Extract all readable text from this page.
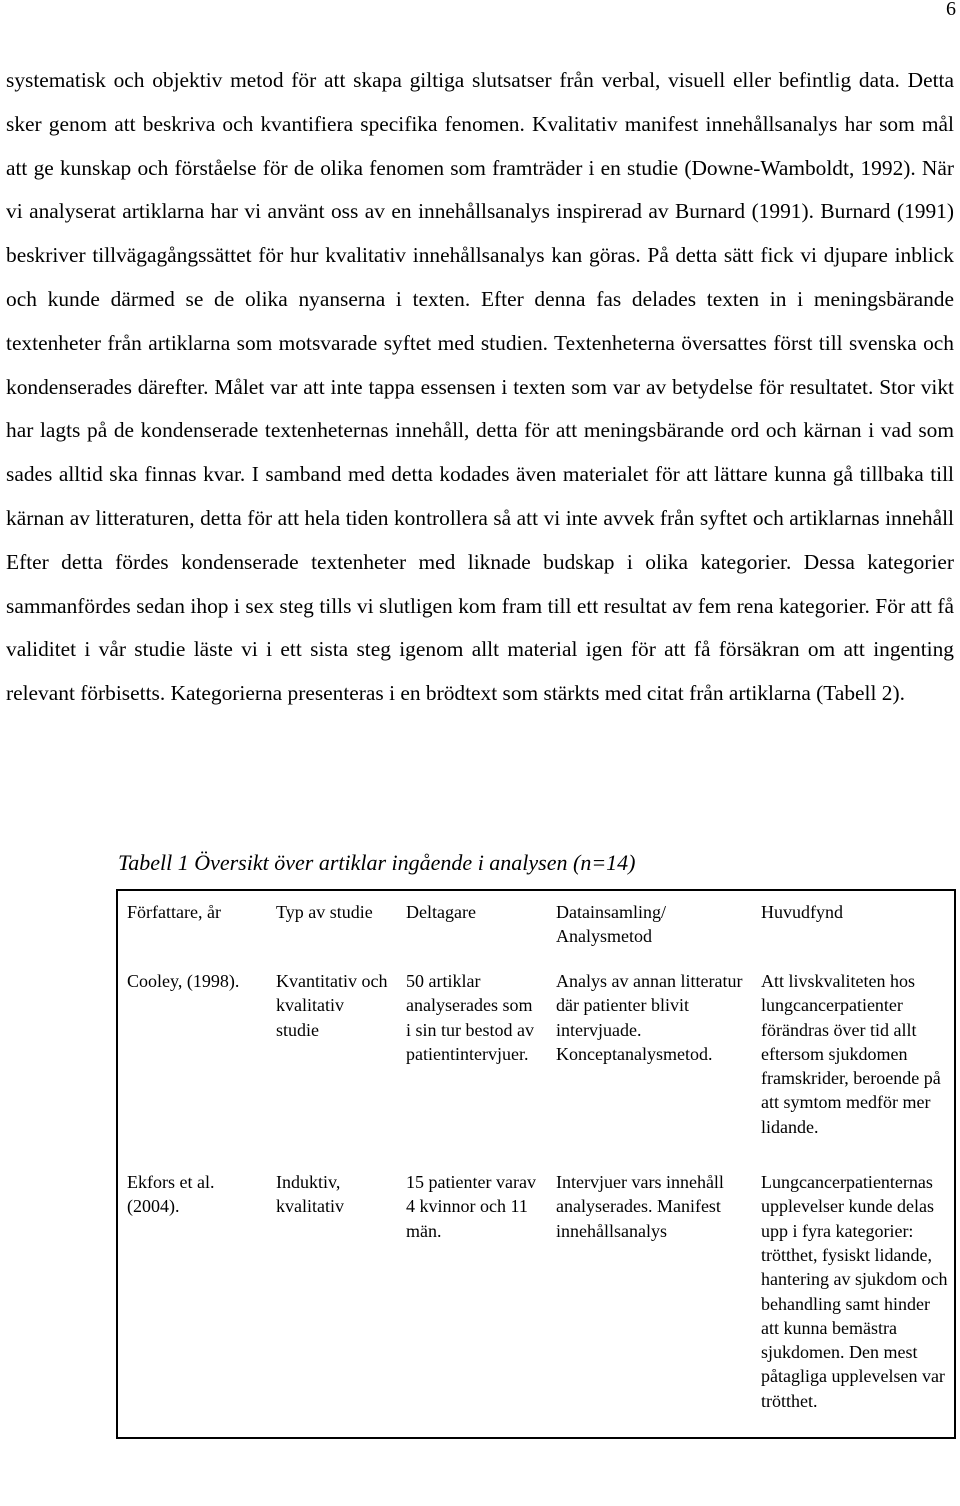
6

systematisk och objektiv metod för att skapa giltiga slutsatser från verbal, visuell eller befintlig data. Detta sker genom att beskriva och kvantifiera specifika fenomen. Kvalitativ manifest innehållsanalys har som mål att ge kunskap och förståelse för de olika fenomen som framträder i en studie (Downe-Wamboldt, 1992). När vi analyserat artiklarna har vi använt oss av en innehållsanalys inspirerad av Burnard (1991). Burnard (1991) beskriver tillvägagångssättet för hur kvalitativ innehållsanalys kan göras. På detta sätt fick vi djupare inblick och kunde därmed se de olika nyanserna i texten. Efter denna fas delades texten in i meningsbärande textenheter från artiklarna som motsvarade syftet med studien. Textenheterna översattes först till svenska och kondenserades därefter. Målet var att inte tappa essensen i texten som var av betydelse för resultatet. Stor vikt har lagts på de kondenserade textenheternas innehåll, detta för att meningsbärande ord och kärnan i vad som sades alltid ska finnas kvar. I samband med detta kodades även materialet för att lättare kunna gå tillbaka till kärnan av litteraturen, detta för att hela tiden kontrollera så att vi inte avvek från syftet och artiklarnas innehåll Efter detta fördes kondenserade textenheter med liknade budskap i olika kategorier. Dessa kategorier sammanfördes sedan ihop i sex steg tills vi slutligen kom fram till ett resultat av fem rena kategorier. För att få validitet i vår studie läste vi i ett sista steg igenom allt material igen för att få försäkran om att ingenting relevant förbisetts. Kategorierna presenteras i en brödtext som stärkts med citat från artiklarna (Tabell 2).

Tabell 1 Översikt över artiklar ingående i analysen (n=14)
Författare, år	Typ av studie	Deltagare	Datainsamling/ Analysmetod	Huvudfynd
Cooley, (1998).	Kvantitativ och kvalitativ studie	50 artiklar analyserades som i sin tur bestod av patientintervjuer.	Analys av annan litteratur där patienter blivit intervjuade. Konceptanalysmetod.	Att livskvaliteten hos lungcancerpatienter förändras över tid allt eftersom sjukdomen framskrider, beroende på att symtom medför mer lidande.
Ekfors et al. (2004).	Induktiv, kvalitativ	15 patienter varav 4 kvinnor och 11 män.	Intervjuer vars innehåll analyserades. Manifest innehållsanalys	Lungcancerpatienternas upplevelser kunde delas upp i fyra kategorier: trötthet, fysiskt lidande, hantering av sjukdom och behandling samt hinder att kunna bemästra sjukdomen. Den mest påtagliga upplevelsen var trötthet.
